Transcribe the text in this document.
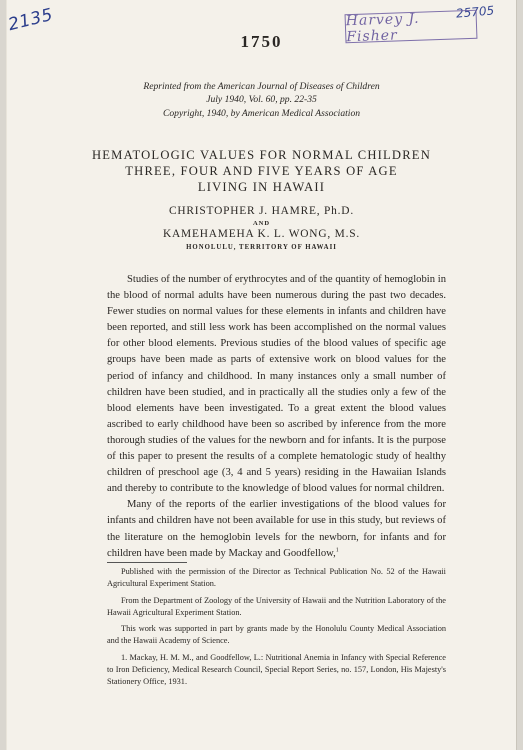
2135	25705
Harvey J. Fisher
1750
Reprinted from the American Journal of Diseases of Children
July 1940, Vol. 60, pp. 22-35
Copyright, 1940, by American Medical Association
HEMATOLOGIC VALUES FOR NORMAL CHILDREN
THREE, FOUR AND FIVE YEARS OF AGE
LIVING IN HAWAII
CHRISTOPHER J. HAMRE, Ph.D.
AND
KAMEHAMEHA K. L. WONG, M.S.
HONOLULU, TERRITORY OF HAWAII

Studies of the number of erythrocytes and of the quantity of hemoglobin in the blood of normal adults have been numerous during the past two decades. Fewer studies on normal values for these elements in infants and children have been reported, and still less work has been accomplished on the normal values for other blood elements. Previous studies of the blood values of specific age groups have been made as parts of extensive work on blood values for the period of infancy and childhood. In many instances only a small number of children have been studied, and in practically all the studies only a few of the blood elements have been investigated. To a great extent the blood values ascribed to early childhood have been so ascribed by inference from the more thorough studies of the values for the newborn and for infants. It is the purpose of this paper to present the results of a complete hematologic study of healthy children of preschool age (3, 4 and 5 years) residing in the Hawaiian Islands and thereby to contribute to the knowledge of blood values for normal children.

Many of the reports of the earlier investigations of the blood values for infants and children have not been available for use in this study, but reviews of the literature on the hemoglobin levels for the newborn, for infants and for children have been made by Mackay and Goodfellow,$^1$

Published with the permission of the Director as Technical Publication No. 52 of the Hawaii Agricultural Experiment Station.

From the Department of Zoology of the University of Hawaii and the Nutrition Laboratory of the Hawaii Agricultural Experiment Station.

This work was supported in part by grants made by the Honolulu County Medical Association and the Hawaii Academy of Science.

1. Mackay, H. M. M., and Goodfellow, L.: Nutritional Anemia in Infancy with Special Reference to Iron Deficiency, Medical Research Council, Special Report Series, no. 157, London, His Majesty's Stationery Office, 1931.
